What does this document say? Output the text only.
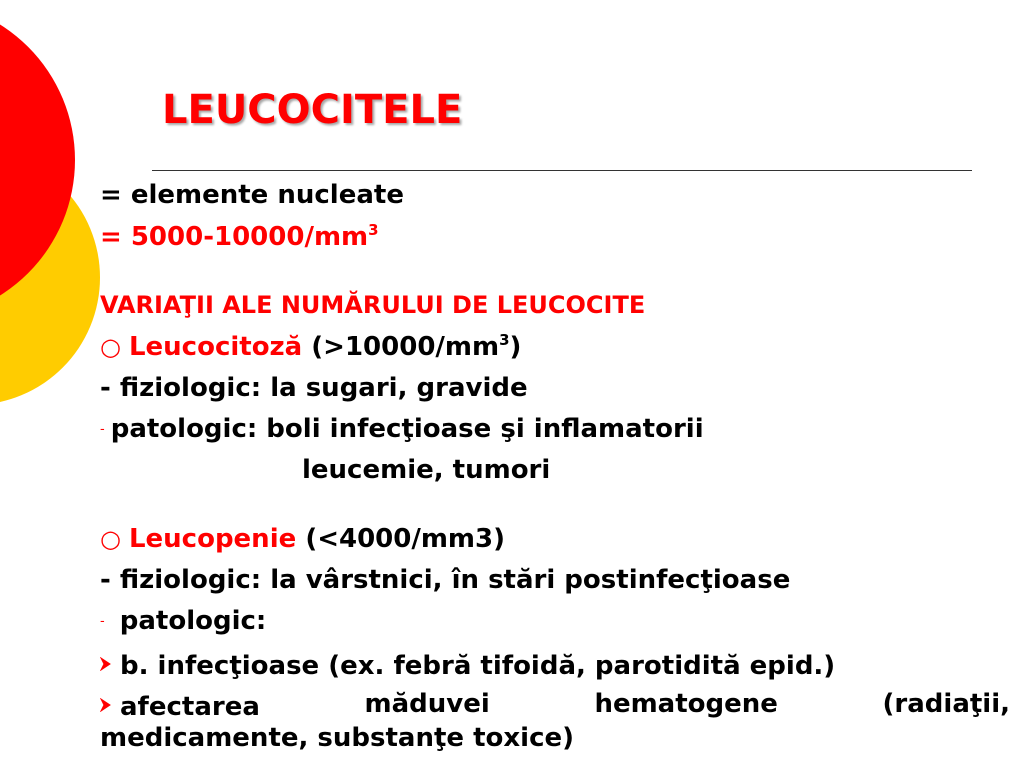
LEUCOCITELE

= elemente nucleate

= $5000-10000/mm^3$

VARIAŢII ALE NUMĂRULUI DE LEUCOCITE

○ Leucocitoză $(>10000/mm^3)$

- fiziologic: la sugari, gravide

- patologic: boli infecţioase şi inflamatorii

leucemie, tumori

○ Leucopenie (<4000/mm3)

- fiziologic: la vârstnici, în stări postinfecţioase

- patologic:

b. infecţioase (ex. febră tifoidă, parotidită epid.)

afectarea	măduvei	hematogene	(radiaţii,

medicamente, substanţe toxice)
